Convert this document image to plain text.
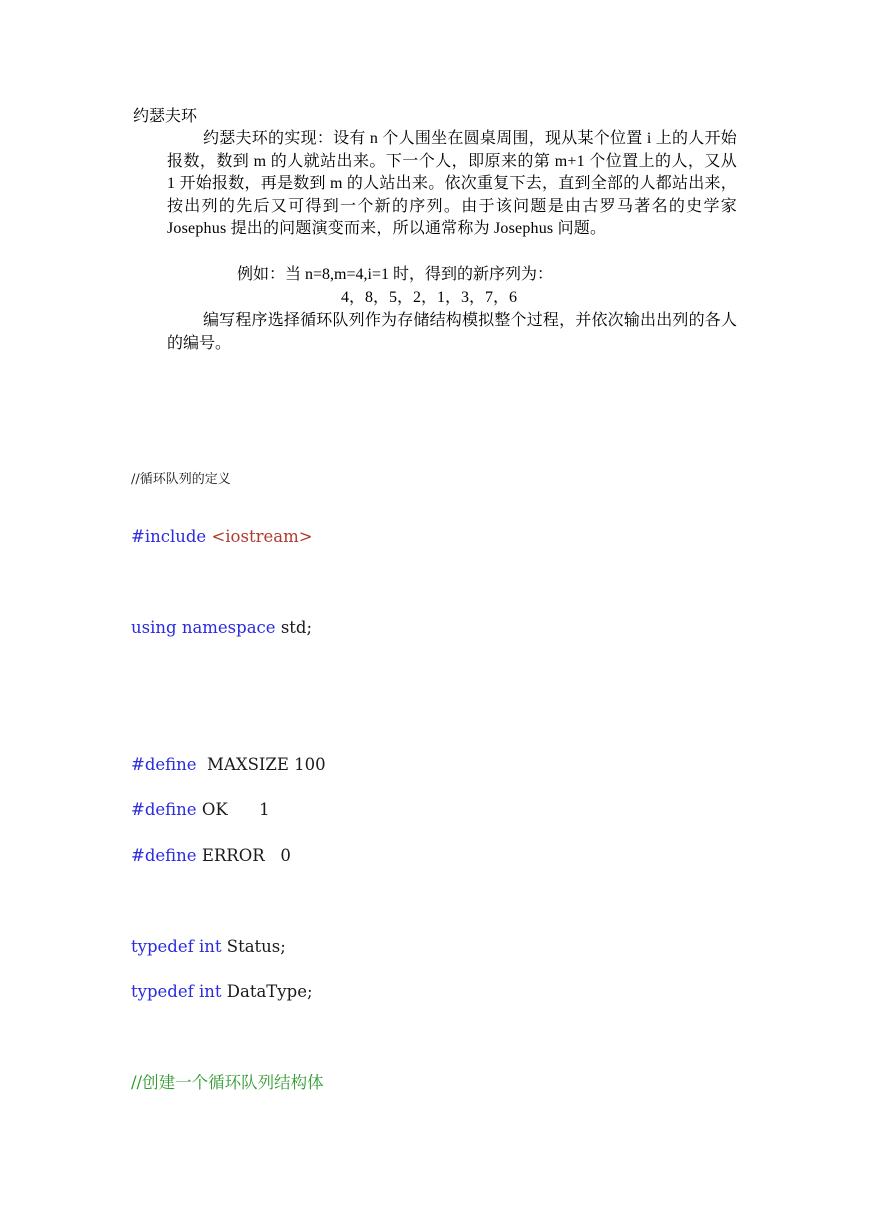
约瑟夫环
约瑟夫环的实现：设有 n 个人围坐在圆桌周围，现从某个位置 i 上的人开始报数，数到 m 的人就站出来。下一个人，即原来的第 m+1 个位置上的人，又从 1 开始报数，再是数到 m 的人站出来。依次重复下去，直到全部的人都站出来，按出列的先后又可得到一个新的序列。由于该问题是由古罗马著名的史学家 Josephus 提出的问题演变而来，所以通常称为 Josephus 问题。
例如：当 n=8,m=4,i=1 时，得到的新序列为：
4，8，5，2，1，3，7，6
编写程序选择循环队列作为存储结构模拟整个过程，并依次输出出列的各人的编号。
//循环队列的定义
#include <iostream>
using namespace std;
#define  MAXSIZE 100
#define OK      1
#define ERROR   0
typedef int Status;
typedef int DataType;
//创建一个循环队列结构体
